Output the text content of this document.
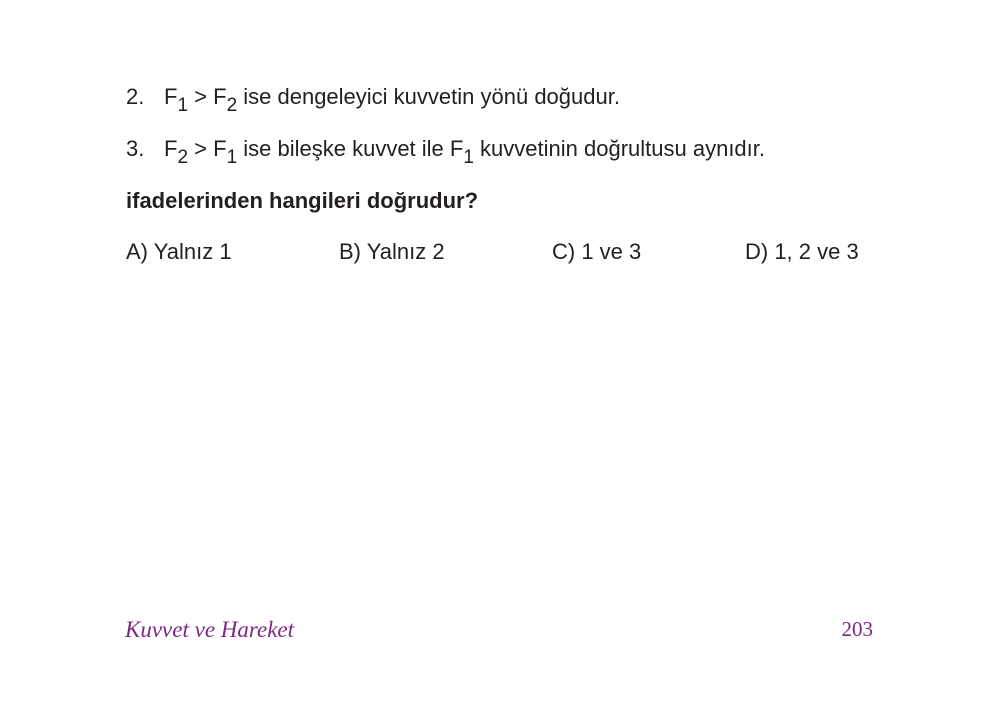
2. $F_1 > F_2$ ise dengeleyici kuvvetin yönü doğudur.
3. $F_2 > F_1$ ise bileşke kuvvet ile $F_1$ kuvvetinin doğrultusu aynıdır.
ifadelerinden hangileri doğrudur?
A) Yalnız 1	B) Yalnız 2	C) 1 ve 3	D) 1, 2 ve 3
Kuvvet ve Hareket	203
